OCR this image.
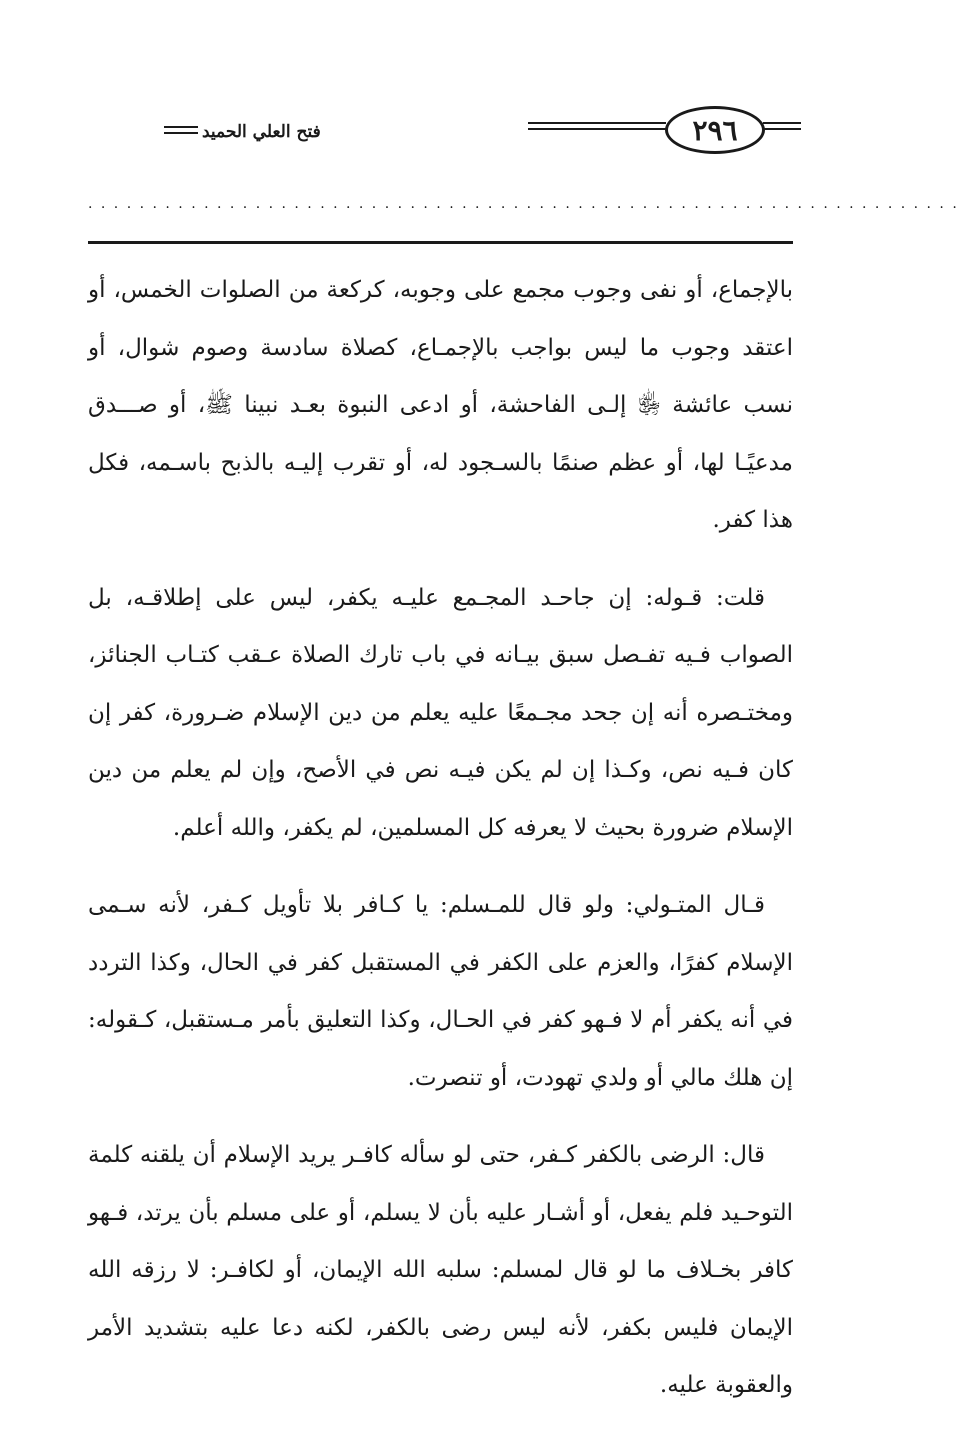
فتح العلي الحميد	٢٩٦
. . . . . . . . . . . . . . . . . . . . . . . . . . . . . . . . . . . . . . . . . . . . . . . . . . . . . . . . . . . . . . . . . . . .

بالإجماع، أو نفى وجوب مجمع على وجوبه، كركعة من الصلوات الخمس، أو اعتقد وجوب ما ليس بواجب بالإجمـاع، كصلاة سادسة وصوم شوال، أو نسب عائشة ﵂ إلـى الفاحشة، أو ادعى النبوة بعـد نبينا ﷺ، أو صـــدق مدعيًـا لها، أو عظم صنمًا بالسـجود له، أو تقرب إليـه بالذبح باسـمه، فكل هذا كفر.

قلت: قـوله: إن جاحـد المجـمع عليـه يكفر، ليس على إطلاقـه، بل الصواب فـيه تفـصل سبق بيـانه في باب تارك الصلاة عـقب كتـاب الجنائز، ومختـصره أنه إن جحد مجـمعًا عليه يعلم من دين الإسلام ضـرورة، كفر إن كان فـيه نص، وكـذا إن لم يكن فيـه نص في الأصح، وإن لم يعلم من دين الإسلام ضرورة بحيث لا يعرفه كل المسلمين، لم يكفر، والله أعلم.

قـال المتـولي: ولو قال للمـسلم: يا كـافر بلا تأويل كـفر، لأنه سـمى الإسلام كفرًا، والعزم على الكفر في المستقبل كفر في الحال، وكذا التردد في أنه يكفر أم لا فـهو كفر في الحـال، وكذا التعليق بأمر مـستقبل، كـقوله: إن هلك مالي أو ولدي تهودت، أو تنصرت.

قال: الرضى بالكفر كـفر، حتى لو سأله كافـر يريد الإسلام أن يلقنه كلمة التوحـيد فلم يفعل، أو أشـار عليه بأن لا يسلم، أو على مسلم بأن يرتد، فـهو كافر بخـلاف ما لو قال لمسلم: سلبه الله الإيمان، أو لكافـر: لا رزقه الله الإيمان فليس بكفر، لأنه ليس رضى بالكفر، لكنه دعا عليه بتشديد الأمر والعقوبة عليه.
